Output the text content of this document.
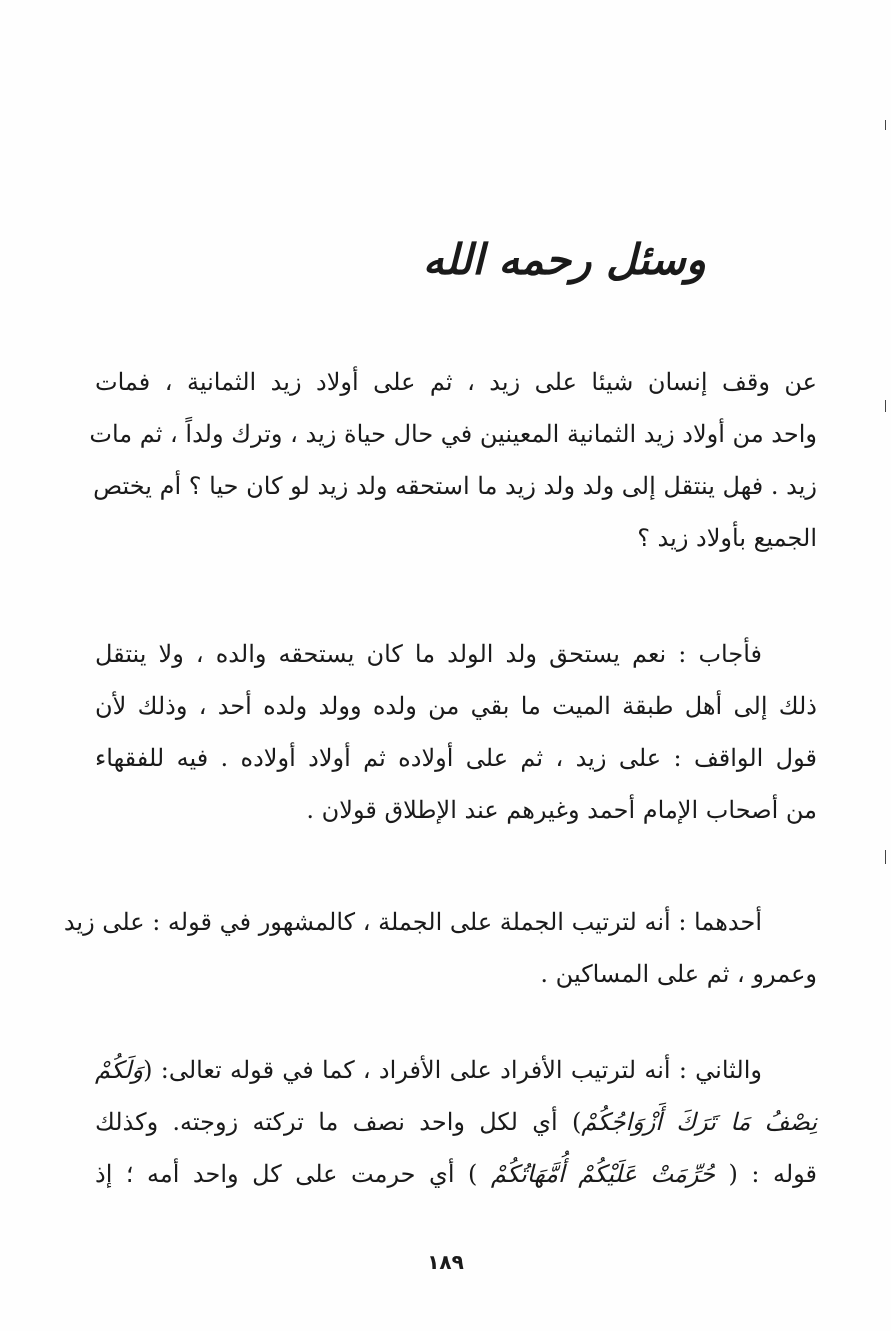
وسئل رحمه الله
عن وقف إنسان شيئا على زيد ، ثم على أولاد زيد الثمانية ، فمات
واحد من أولاد زيد الثمانية المعينين في حال حياة زيد ، وترك ولداً ، ثم مات
زيد . فهل ينتقل إلى ولد ولد زيد ما استحقه ولد زيد لو كان حيا ؟ أم يختص
الجميع بأولاد زيد ؟
فأجاب : نعم يستحق ولد الولد ما كان يستحقه والده ، ولا ينتقل
ذلك إلى أهل طبقة الميت ما بقي من ولده وولد ولده أحد ، وذلك لأن
قول الواقف : على زيد ، ثم على أولاده ثم أولاد أولاده . فيه للفقهاء
من أصحاب الإمام أحمد وغيرهم عند الإطلاق قولان .
أحدهما : أنه لترتيب الجملة على الجملة ، كالمشهور في قوله : على زيد
وعمرو ، ثم على المساكين .
والثاني : أنه لترتيب الأفراد على الأفراد ، كما في قوله تعالى: (وَلَكُمْ
نِصْفُ مَا تَرَكَ أَزْوَاجُكُمْ) أي لكل واحد نصف ما تركته زوجته. وكذلك
قوله : ( حُرِّمَتْ عَلَيْكُمْ أُمَّهَاتُكُمْ ) أي حرمت على كل واحد أمه ؛ إذ
١٨٩
